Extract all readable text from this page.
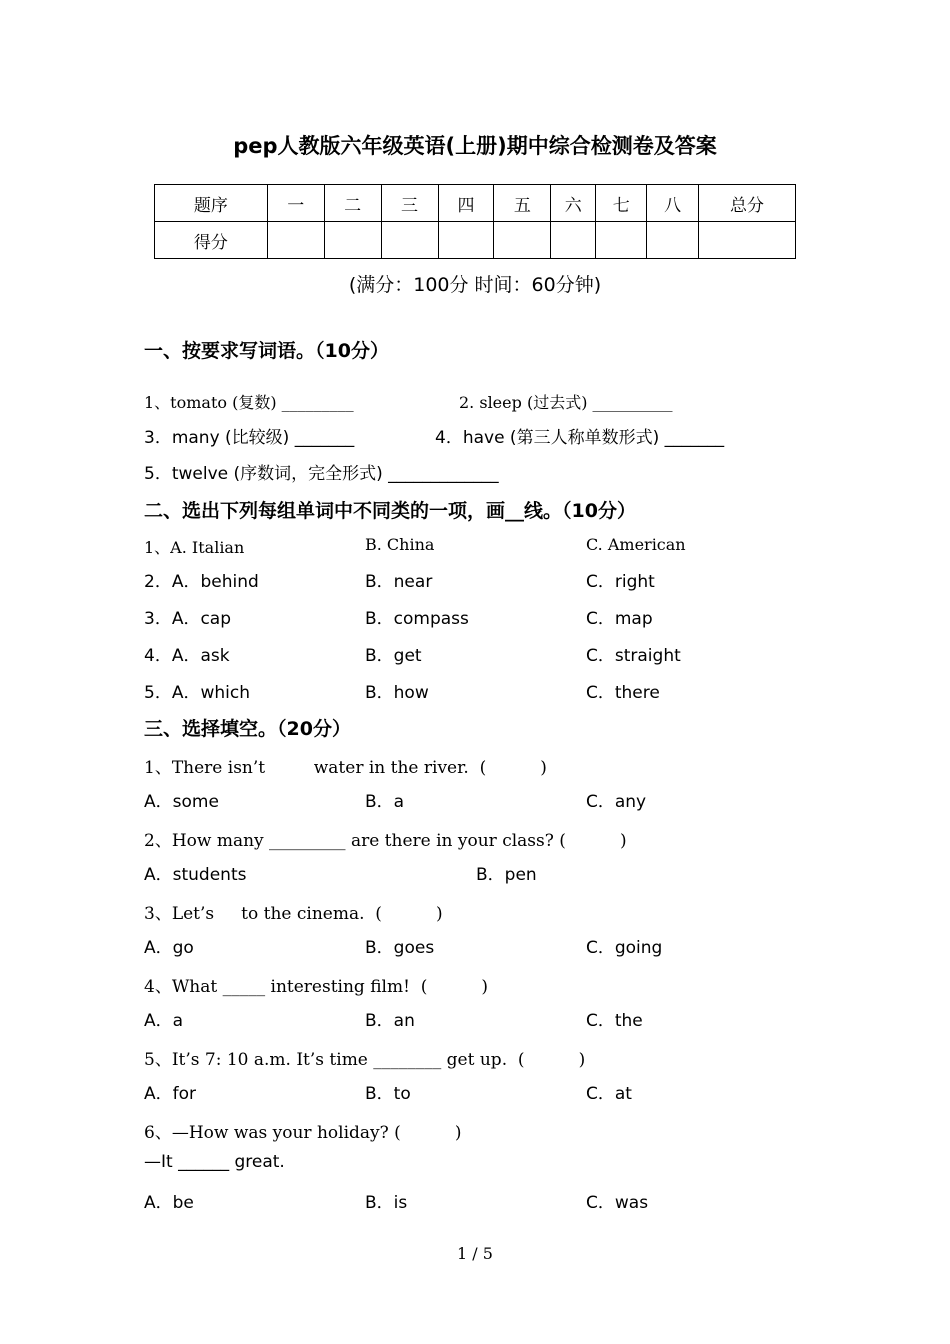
pep人教版六年级英语(上册)期中综合检测卷及答案
题序	一	二	三	四	五	六	七	八	总分
得分									
(满分：100分 时间：60分钟)
一、按要求写词语。（10分）
1、tomato (复数) _________	2. sleep (过去式) __________
3．many (比较级) _______	4．have (第三人称单数形式) _______
5．twelve (序数词，完全形式) _____________
二、选出下列每组单词中不同类的一项，画__线。（10分）
1、A. Italian	B. China	C. American
2．A．behind	B．near	C．right
3．A．cap	B．compass	C．map
4．A．ask	B．get	C．straight
5．A．which	B．how	C．there
三、选择填空。（20分）
1、There isn’t         water in the river.  (          )
A．some	B．a	C．any
2、How many _________ are there in your class? (          )
A．students	B．pen
3、Let’s     to the cinema.  (          )
A．go	B．goes	C．going
4、What _____ interesting film!  (          )
A．a	B．an	C．the
5、It’s 7: 10 a.m. It’s time ________ get up.  (          )
A．for	B．to	C．at
6、—How was your holiday? (          )
—It ______ great.
A．be	B．is	C．was
1 / 5
